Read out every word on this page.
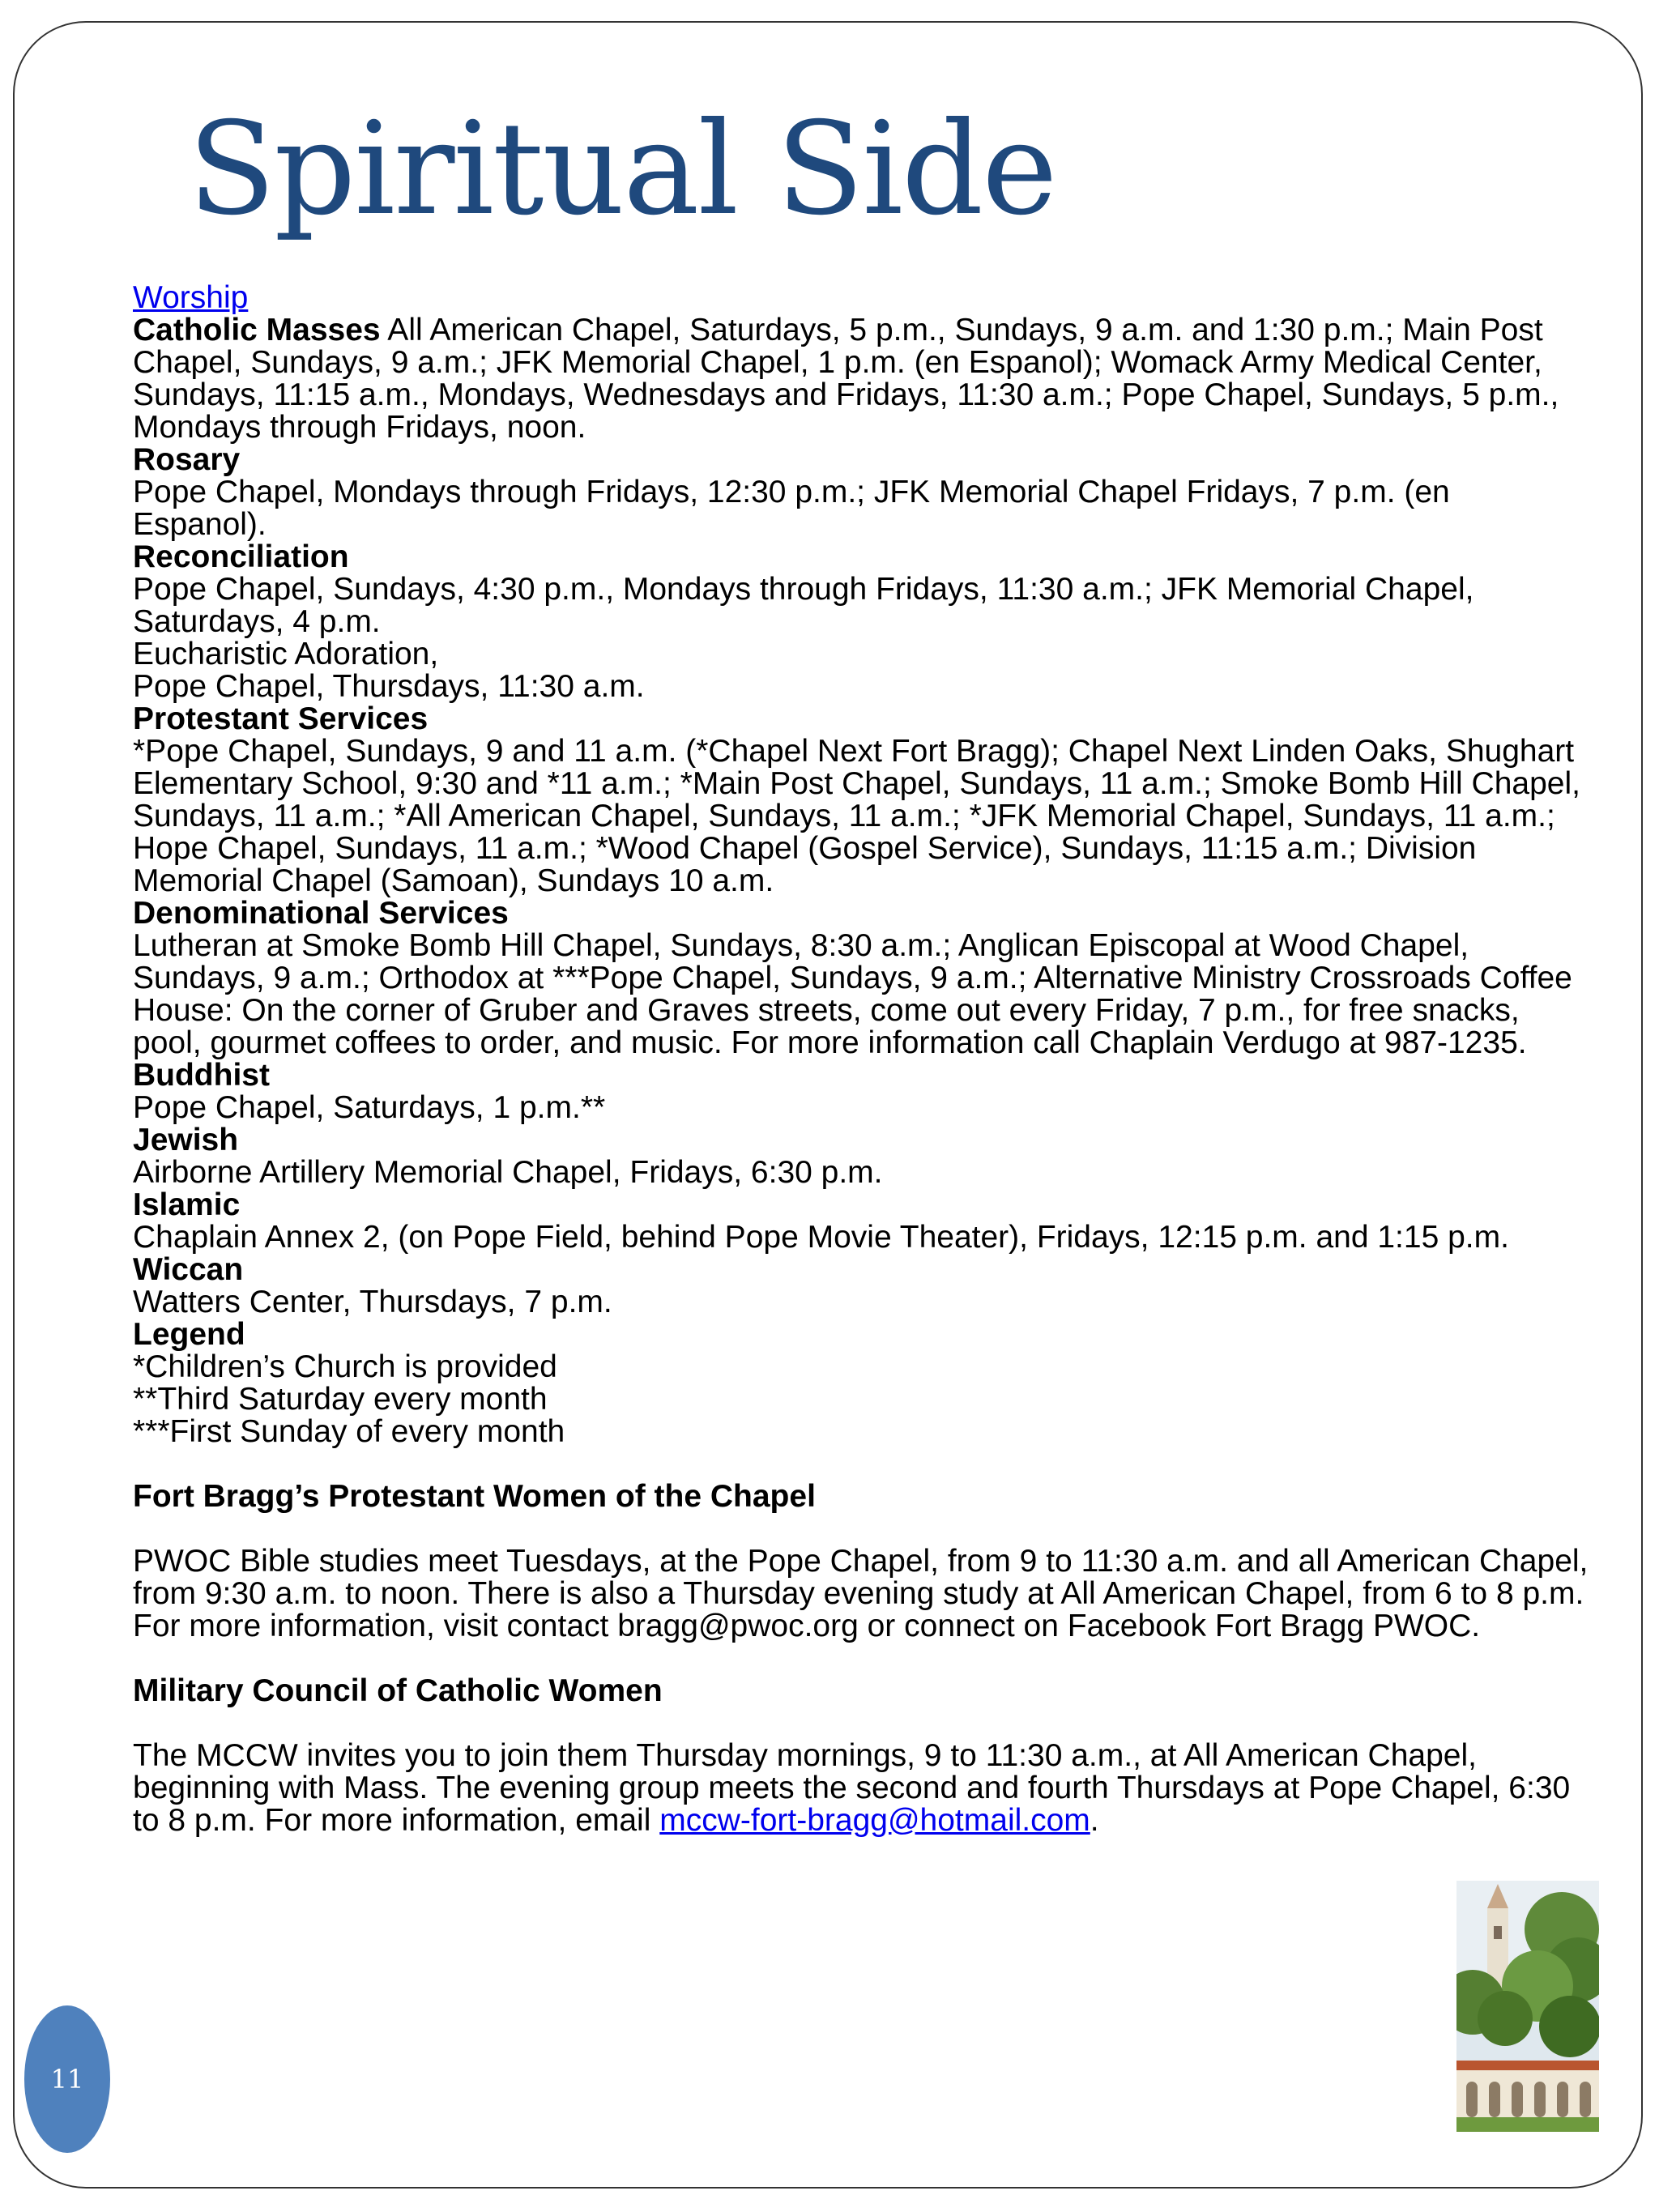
Spiritual Side

Worship

Catholic Masses All American Chapel, Saturdays, 5 p.m., Sundays, 9 a.m. and 1:30 p.m.; Main Post Chapel, Sundays, 9 a.m.; JFK Memorial Chapel, 1 p.m. (en Espanol); Womack Army Medical Center, Sundays, 11:15 a.m., Mondays, Wednesdays and Fridays, 11:30 a.m.; Pope Chapel, Sundays, 5 p.m., Mondays through Fridays, noon.

Rosary

Pope Chapel, Mondays through Fridays, 12:30 p.m.; JFK Memorial Chapel Fridays, 7 p.m. (en Espanol).

Reconciliation

Pope Chapel, Sundays, 4:30 p.m., Mondays through Fridays, 11:30 a.m.; JFK Memorial Chapel, Saturdays, 4 p.m.

Eucharistic Adoration,

Pope Chapel, Thursdays, 11:30 a.m.

Protestant Services

*Pope Chapel, Sundays, 9 and 11 a.m. (*Chapel Next Fort Bragg); Chapel Next Linden Oaks, Shughart Elementary School, 9:30 and *11 a.m.; *Main Post Chapel, Sundays, 11 a.m.; Smoke Bomb Hill Chapel, Sundays, 11 a.m.; *All American Chapel, Sundays, 11 a.m.; *JFK Memorial Chapel, Sundays, 11 a.m.; Hope Chapel, Sundays, 11 a.m.; *Wood Chapel (Gospel Service), Sundays, 11:15 a.m.; Division Memorial Chapel (Samoan), Sundays 10 a.m.

Denominational Services

Lutheran at Smoke Bomb Hill Chapel, Sundays, 8:30 a.m.; Anglican Episcopal at Wood Chapel, Sundays, 9 a.m.; Orthodox at ***Pope Chapel, Sundays, 9 a.m.; Alternative Ministry Crossroads Coffee House: On the corner of Gruber and Graves streets, come out every Friday, 7 p.m., for free snacks, pool, gourmet coffees to order, and music. For more information call Chaplain Verdugo at 987-1235.

Buddhist

Pope Chapel, Saturdays, 1 p.m.**

Jewish

Airborne Artillery Memorial Chapel, Fridays, 6:30 p.m.

Islamic

Chaplain Annex 2, (on Pope Field, behind Pope Movie Theater), Fridays, 12:15 p.m. and 1:15 p.m.

Wiccan

Watters Center, Thursdays, 7 p.m.

Legend

*Children’s Church is provided

**Third Saturday every month

***First Sunday of every month

Fort Bragg’s Protestant Women of the Chapel

PWOC Bible studies meet Tuesdays, at the Pope Chapel, from 9 to 11:30 a.m. and all American Chapel, from 9:30 a.m. to noon. There is also a Thursday evening study at All American Chapel, from 6 to 8 p.m. For more information, visit contact bragg@pwoc.org or connect on Facebook Fort Bragg PWOC.

Military Council of Catholic Women

The MCCW invites you to join them Thursday mornings, 9 to 11:30 a.m., at All American Chapel, beginning with Mass. The evening group meets the second and fourth Thursdays at Pope Chapel, 6:30 to 8 p.m. For more information, email mccw-fort-bragg@hotmail.com.

11
